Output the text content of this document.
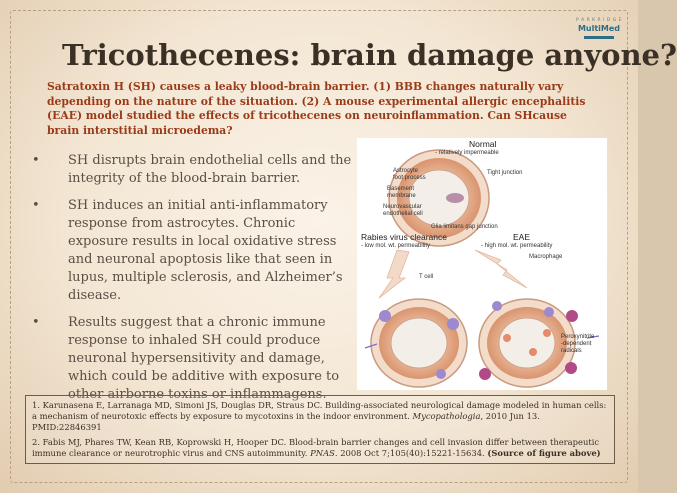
P A R K R I D G E
MultiMed
Tricothecenes: brain damage anyone?

Satratoxin H (SH) causes a leaky blood-brain barrier. (1) BBB changes naturally vary depending on the nature of the situation. (2) A mouse experimental allergic encephalitis (EAE) model studied the effects of tricothecenes on neuroinflammation. Can SHcause brain interstitial microedema?

• SH disrupts brain endothelial cells and the integrity of the blood-brain barrier.
• SH induces an initial anti-inflammatory response from astrocytes. Chronic exposure results in local oxidative stress and neuronal apoptosis like that seen in lupus, multiple sclerosis, and Alzheimer’s disease.
• Results suggest that a chronic immune response to inhaled SH could produce neuronal hypersensitivity and damage, which could be additive with exposure to other airborne toxins or inflammagens.
Normal
- relatively impermeable
Astrocyte
foot process
Tight junction
Basement
membrane
Neurovascular
endothelial cell
Glia limitans gap junction
Rabies virus clearance
- low mol. wt. permeability
EAE
- high mol. wt. permeability
Macrophage
T cell
Peroxynitrite
-dependent
radicals

1. Karunasena E, Larranaga MD, Simoni JS, Douglas DR, Straus DC. Building-associated neurological damage modeled in human cells: a mechanism of neurotoxic effects by exposure to mycotoxins in the indoor environment. Mycopathologia, 2010 Jun 13. PMID:22846391

2. Fabis MJ, Phares TW, Kean RB, Koprowski H, Hooper DC. Blood-brain barrier changes and cell invasion differ between therapeutic immune clearance or neurotrophic virus and CNS autoimmunity. PNAS. 2008 Oct 7;105(40):15221-15634. (Source of figure above)
